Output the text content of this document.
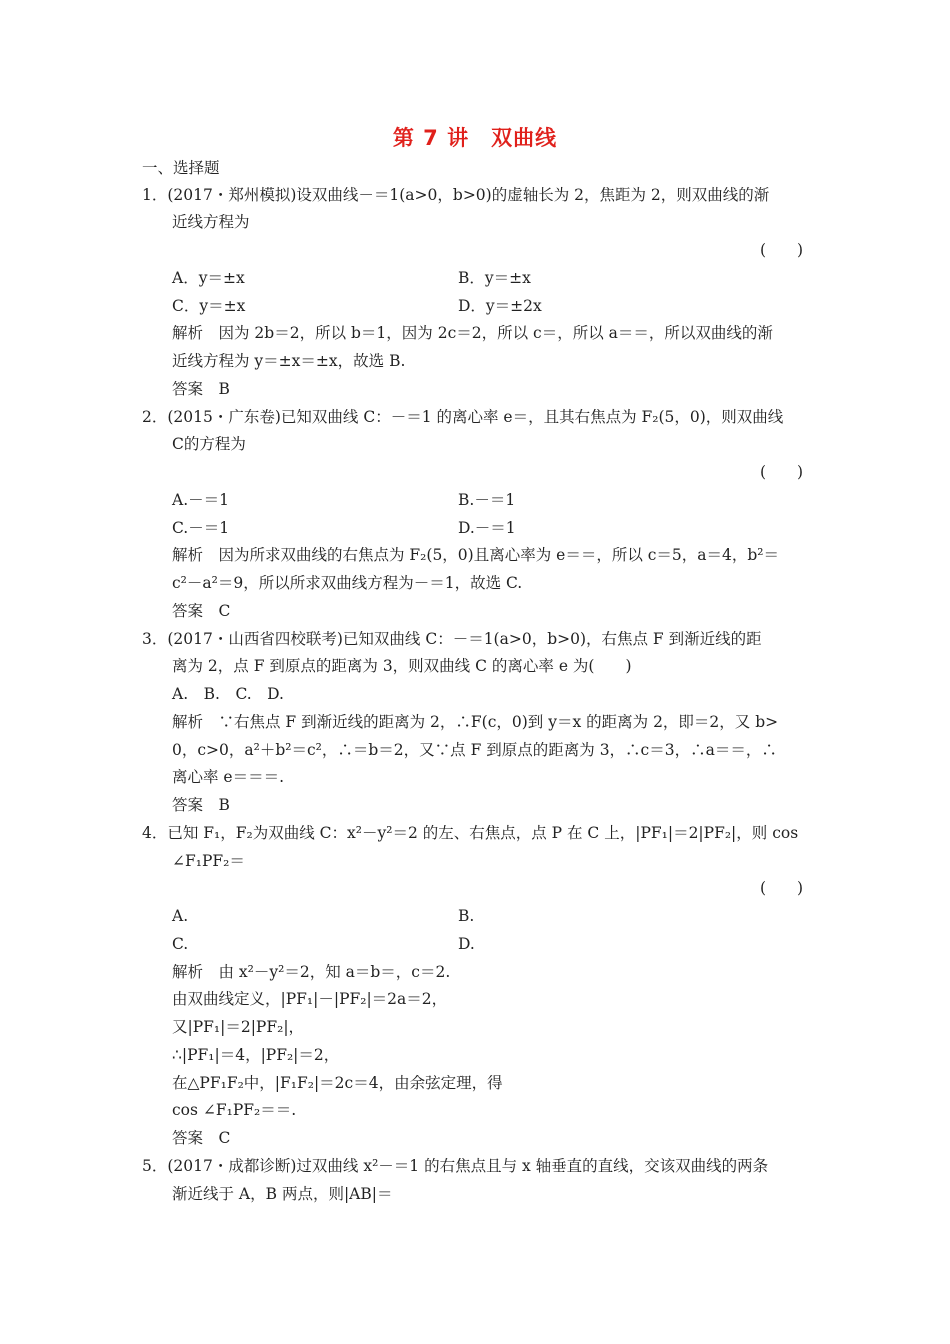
第 7 讲　双曲线
一、选择题
1．(2017・郑州模拟)设双曲线－＝1(a>0，b>0)的虚轴长为 2，焦距为 2，则双曲线的渐
近线方程为
(　　)
A．y＝±x	B．y＝±x
C．y＝±x	D．y＝±2x
解析　因为 2b＝2，所以 b＝1，因为 2c＝2，所以 c＝，所以 a＝＝，所以双曲线的渐
近线方程为 y＝±x＝±x，故选 B.
答案　B
2．(2015・广东卷)已知双曲线 C：－＝1 的离心率 e＝，且其右焦点为 F₂(5，0)，则双曲线
C的方程为
(　　)
A.－＝1	B.－＝1
C.－＝1	D.－＝1
解析　因为所求双曲线的右焦点为 F₂(5，0)且离心率为 e＝＝，所以 c＝5，a＝4，b²＝
c²－a²＝9，所以所求双曲线方程为－＝1，故选 C.
答案　C
3．(2017・山西省四校联考)已知双曲线 C：－＝1(a>0，b>0)，右焦点 F 到渐近线的距
离为 2，点 F 到原点的距离为 3，则双曲线 C 的离心率 e 为(　　)
A.　B.　C.　D.
解析　∵右焦点 F 到渐近线的距离为 2，∴F(c，0)到 y＝x 的距离为 2，即＝2，又 b>
0，c>0，a²＋b²＝c²，∴＝b＝2，又∵点 F 到原点的距离为 3，∴c＝3，∴a＝＝，∴
离心率 e＝＝＝.
答案　B
4．已知 F₁，F₂为双曲线 C：x²－y²＝2 的左、右焦点，点 P 在 C 上，|PF₁|＝2|PF₂|，则 cos
∠F₁PF₂＝
(　　)
A.	B.
C.	D.
解析　由 x²－y²＝2，知 a＝b＝，c＝2.
由双曲线定义，|PF₁|－|PF₂|＝2a＝2，
又|PF₁|＝2|PF₂|，
∴|PF₁|＝4，|PF₂|＝2，
在△PF₁F₂中，|F₁F₂|＝2c＝4，由余弦定理，得
cos ∠F₁PF₂＝＝.
答案　C
5．(2017・成都诊断)过双曲线 x²－＝1 的右焦点且与 x 轴垂直的直线，交该双曲线的两条
渐近线于 A，B 两点，则|AB|＝
